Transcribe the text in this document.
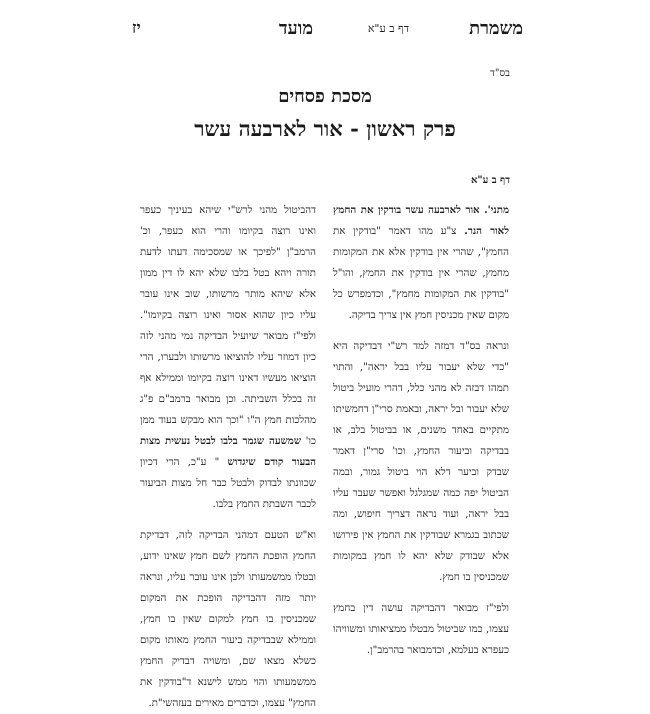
משמרת
דף ב ע"א
מועד
יז
בס"ד
מסכת פסחים
פרק ראשון - אור לארבעה עשר
דף ב ע"א

מתני'. אור לארבעה עשר בודקין את החמץ לאור הנר. צ"ע מהו דאמר "בודקין את החמץ", שהרי אין בודקין אלא את המקומות מחמץ, שהרי אין בודקין את החמץ, והו"ל "בודקין את המקומות מחמץ", וכדמפרש כל מקום שאין מכניסין חמץ אין צריך בדיקה.

ונראה בס"ד דמזה למד רש"י דבדיקה היא "כדי שלא יעבור עליו בבל יראה", והתוי תמהו דבזה לא מהני כלל, דהרי מועיל ביטול שלא יעבור ובל יראה, ובאמת סרי"ן דחמשיתו מתקיים באחד משנים, או בביטול בלב, או בבדיקה וביעור החמץ, וכו' סרי"ן דאמר שבדק וביער דלא הוי ביטול גמור, ובמה הביטול יפה כמה שמגלגל ואפשר שעבר עליו בבל יראה, ועוד נראה דצריך חיפוש, ומה שכתוב בגמרא שבודקין את החמץ אין פירושו אלא שבודק שלא יהא לו חמץ במקומות שמכניסין בו חמץ.

ולפי"ז מבואר דהבדיקה עושה דין בחמץ עצמו, כמו שביטול מבטלו ממציאותו ומשוויהו כעפרא בעלמא, וכדמבואר בהרמב"ן.

דהביטול מהני לרש"י שיהא בעיניך כעפר ואינו רוצה בקיומו והרי הוא כעפר, וכ' הרמב"ן "לפיכך או שמסכימה דעתו לדעת תורה ויהא בטל בלבו שלא יהא לו דין ממון אלא שיהא מותר מרשותו, שוב אינו עובר עליו כיון שהוא אסור ואינו רוצה בקיומו". ולפי"ז מבואר שיועיל הבדיקה נמי מהני לזה כיון דמוזר עליו להוציאו מרשותו ולבערו, הרי הוציאו מעשיו דאינו רוצה בקיומו וממילא אף זה בכלל השביתה. וכן מבואר ברמב"ם פ"ג מהלכות חמץ ה"ו "וכך הוא מבקש בעוד ממן כו' שמשעה שגמר בלבו לבטל נעשית מצות הבעור קודם שיגדוש " ע"כ, הרי דכיון שכוונתו לבדוק ולבטל כבר חל מצות הביעור לכבר השבתת החמץ בלבו.

וא"ש הטעם דמהני הבדיקה לזה, דבדיקת החמץ הופכת החמץ לשם חמץ שאינו ידוע, ובטלו ממשמעותו ולכן אינו עובר עליו, ונראה יותר מזה דהבדיקה הופכת את המקום שמכניסין בו חמץ למקום שאין בו חמץ, וממילא שבבדיקה ביעור החמץ מאותו מקום כשלא מצאו שם, ומשויה דבדיק החמץ ממשמעותו והוי ממש לישנא ד"בודקין את החמץ" עצמו, וכדברים מאירים בעזהשי"ת.
